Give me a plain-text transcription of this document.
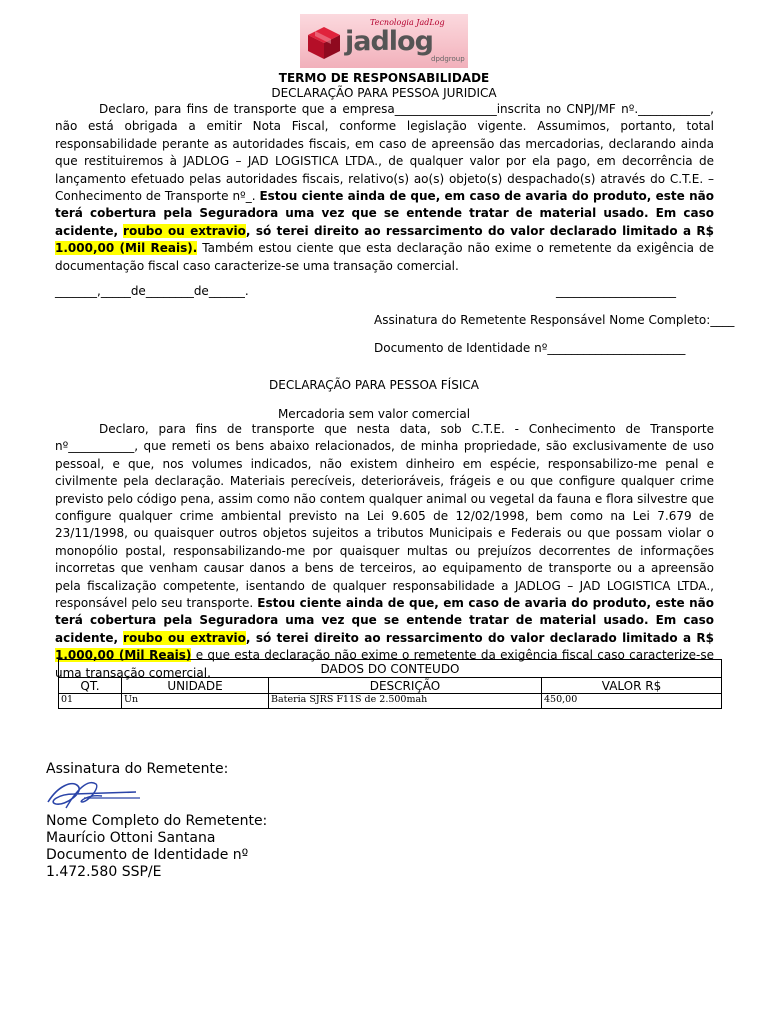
Tecnologia JadLog
jadlog
dpdgroup
TERMO DE RESPONSABILIDADE
DECLARAÇÃO PARA PESSOA JURIDICA
Declaro, para fins de transporte que a empresa_________________inscrita no CNPJ/MF nº.____________, não está obrigada a emitir Nota Fiscal, conforme legislação vigente. Assumimos, portanto, total responsabilidade perante as autoridades fiscais, em caso de apreensão das mercadorias, declarando ainda que restituiremos à JADLOG – JAD LOGISTICA LTDA., de qualquer valor por ela pago, em decorrência de lançamento efetuado pelas autoridades fiscais, relativo(s) ao(s) objeto(s) despachado(s) através do C.T.E. – Conhecimento de Transporte nº_. Estou ciente ainda de que, em caso de avaria do produto, este não terá cobertura pela Seguradora uma vez que se entende tratar de material usado. Em caso acidente, roubo ou extravio, só terei direito ao ressarcimento do valor declarado limitado a R$ 1.000,00 (Mil Reais). Também estou ciente que esta declaração não exime o remetente da exigência de documentação fiscal caso caracterize-se uma transação comercial.
_______,_____de________de______.	____________________
Assinatura do Remetente Responsável Nome Completo:____
Documento de Identidade nº_______________________
DECLARAÇÃO PARA PESSOA FÍSICA
Mercadoria sem valor comercial
Declaro, para fins de transporte que nesta data, sob C.T.E. - Conhecimento de Transporte nº___________, que remeti os bens abaixo relacionados, de minha propriedade, são exclusivamente de uso pessoal, e que, nos volumes indicados, não existem dinheiro em espécie, responsabilizo-me penal e civilmente pela declaração. Materiais perecíveis, deterioráveis, frágeis e ou que configure qualquer crime previsto pelo código pena, assim como não contem qualquer animal ou vegetal da fauna e flora silvestre que configure qualquer crime ambiental previsto na Lei 9.605 de 12/02/1998, bem como na Lei 7.679 de 23/11/1998, ou quaisquer outros objetos sujeitos a tributos Municipais e Federais ou que possam violar o monopólio postal, responsabilizando-me por quaisquer multas ou prejuízos decorrentes de informações incorretas que venham causar danos a bens de terceiros, ao equipamento de transporte ou a apreensão pela fiscalização competente, isentando de qualquer responsabilidade a JADLOG – JAD LOGISTICA LTDA., responsável pelo seu transporte. Estou ciente ainda de que, em caso de avaria do produto, este não terá cobertura pela Seguradora uma vez que se entende tratar de material usado. Em caso acidente, roubo ou extravio, só terei direito ao ressarcimento do valor declarado limitado a R$ 1.000,00 (Mil Reais) e que esta declaração não exime o remetente da exigência fiscal caso caracterize-se uma transação comercial.	DADOS DO CONTEUDO			
QT.	UNIDADE	DESCRIÇÃO	VALOR R$
01	Un	Bateria SJRS F11S de 2.500mah	450,00
Assinatura do Remetente:
Nome Completo do Remetente:
Maurício Ottoni Santana
Documento de Identidade nº
1.472.580 SSP/E
